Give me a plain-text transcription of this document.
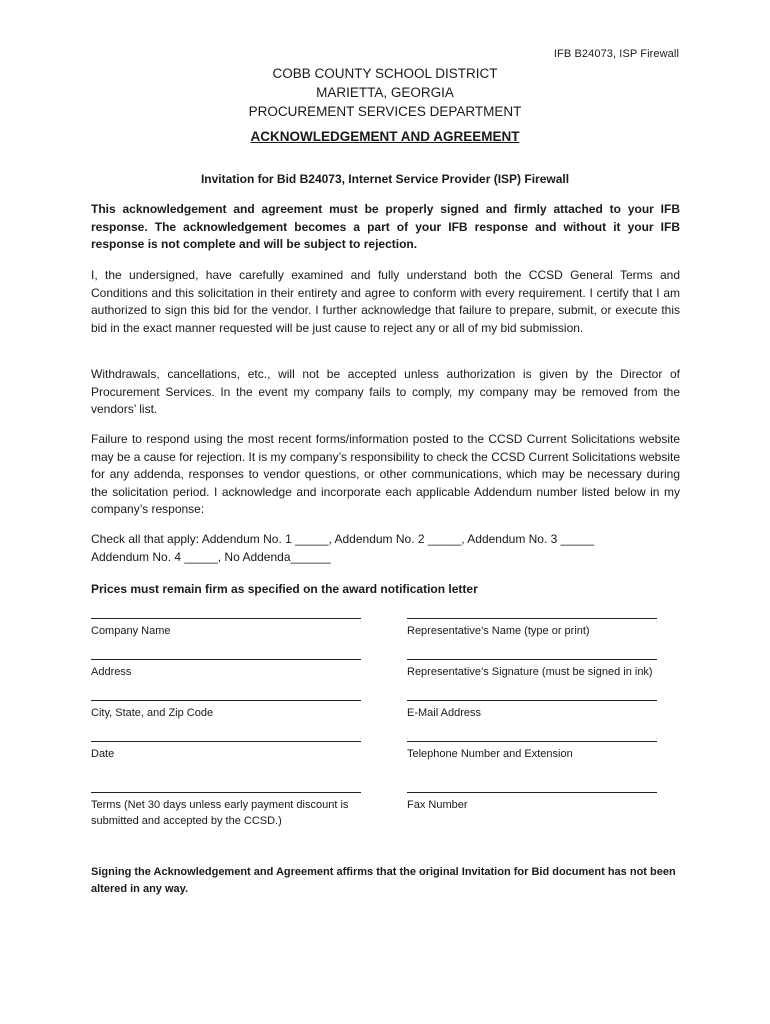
IFB B24073, ISP Firewall
COBB COUNTY SCHOOL DISTRICT
MARIETTA, GEORGIA
PROCUREMENT SERVICES DEPARTMENT
ACKNOWLEDGEMENT AND AGREEMENT
Invitation for Bid B24073, Internet Service Provider (ISP) Firewall

This acknowledgement and agreement must be properly signed and firmly attached to your IFB response. The acknowledgement becomes a part of your IFB response and without it your IFB response is not complete and will be subject to rejection.

I, the undersigned, have carefully examined and fully understand both the CCSD General Terms and Conditions and this solicitation in their entirety and agree to conform with every requirement. I certify that I am authorized to sign this bid for the vendor. I further acknowledge that failure to prepare, submit, or execute this bid in the exact manner requested will be just cause to reject any or all of my bid submission.

Withdrawals, cancellations, etc., will not be accepted unless authorization is given by the Director of Procurement Services. In the event my company fails to comply, my company may be removed from the vendors’ list.

Failure to respond using the most recent forms/information posted to the CCSD Current Solicitations website may be a cause for rejection. It is my company’s responsibility to check the CCSD Current Solicitations website for any addenda, responses to vendor questions, or other communications, which may be necessary during the solicitation period. I acknowledge and incorporate each applicable Addendum number listed below in my company’s response:

Check all that apply: Addendum No. 1 _____, Addendum No. 2 _____, Addendum No. 3 _____
Addendum No. 4 _____, No Addenda______
Prices must remain firm as specified on the award notification letter
Company Name
Address
City, State, and Zip Code
Date
Terms (Net 30 days unless early payment discount is submitted and accepted by the CCSD.)
Representative’s Name (type or print)
Representative’s Signature (must be signed in ink)
E-Mail Address
Telephone Number and Extension
Fax Number
Signing the Acknowledgement and Agreement affirms that the original Invitation for Bid document has not been altered in any way.
